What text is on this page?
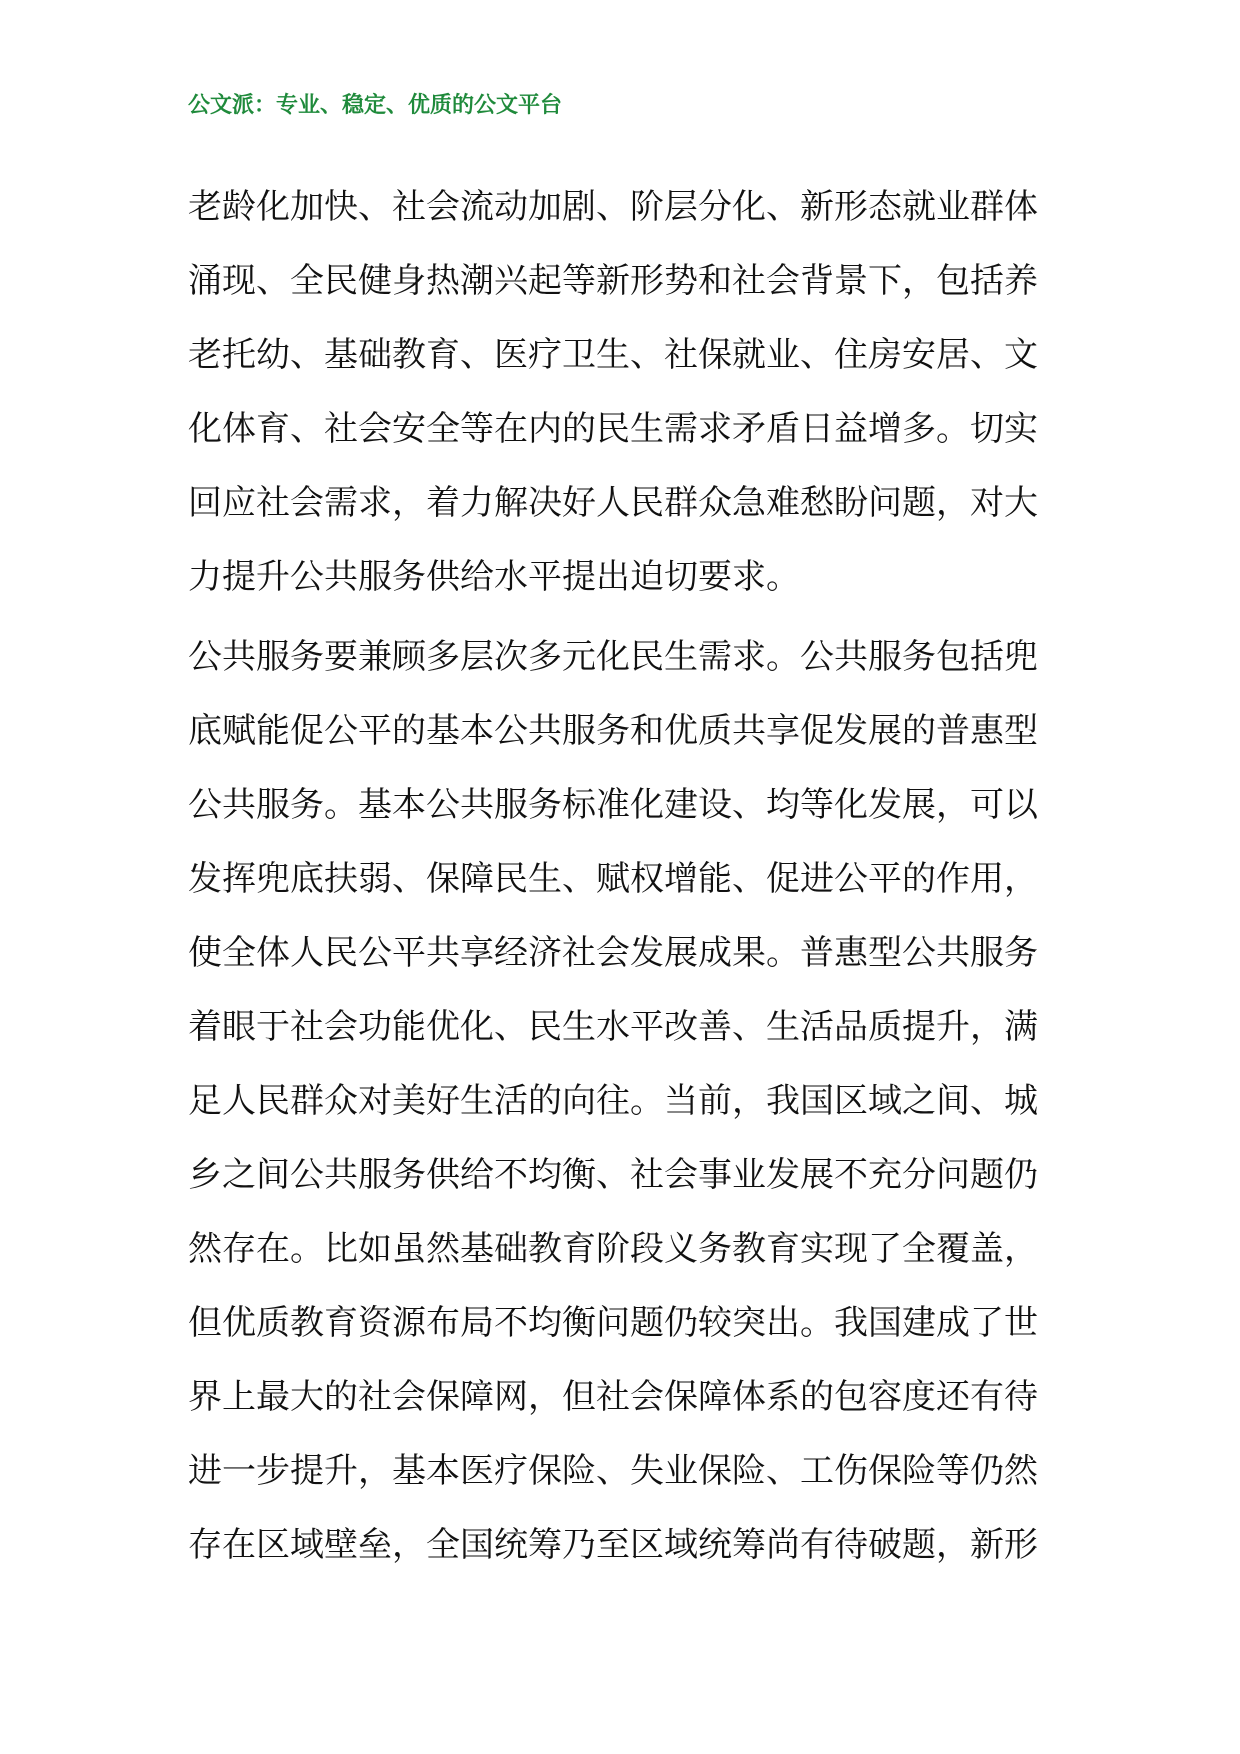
公文派：专业、稳定、优质的公文平台
老龄化加快、社会流动加剧、阶层分化、新形态就业群体
涌现、全民健身热潮兴起等新形势和社会背景下，包括养
老托幼、基础教育、医疗卫生、社保就业、住房安居、文
化体育、社会安全等在内的民生需求矛盾日益增多。切实
回应社会需求，着力解决好人民群众急难愁盼问题，对大
力提升公共服务供给水平提出迫切要求。
公共服务要兼顾多层次多元化民生需求。公共服务包括兜
底赋能促公平的基本公共服务和优质共享促发展的普惠型
公共服务。基本公共服务标准化建设、均等化发展，可以
发挥兜底扶弱、保障民生、赋权增能、促进公平的作用，
使全体人民公平共享经济社会发展成果。普惠型公共服务
着眼于社会功能优化、民生水平改善、生活品质提升，满
足人民群众对美好生活的向往。当前，我国区域之间、城
乡之间公共服务供给不均衡、社会事业发展不充分问题仍
然存在。比如虽然基础教育阶段义务教育实现了全覆盖，
但优质教育资源布局不均衡问题仍较突出。我国建成了世
界上最大的社会保障网，但社会保障体系的包容度还有待
进一步提升，基本医疗保险、失业保险、工伤保险等仍然
存在区域壁垒，全国统筹乃至区域统筹尚有待破题，新形
